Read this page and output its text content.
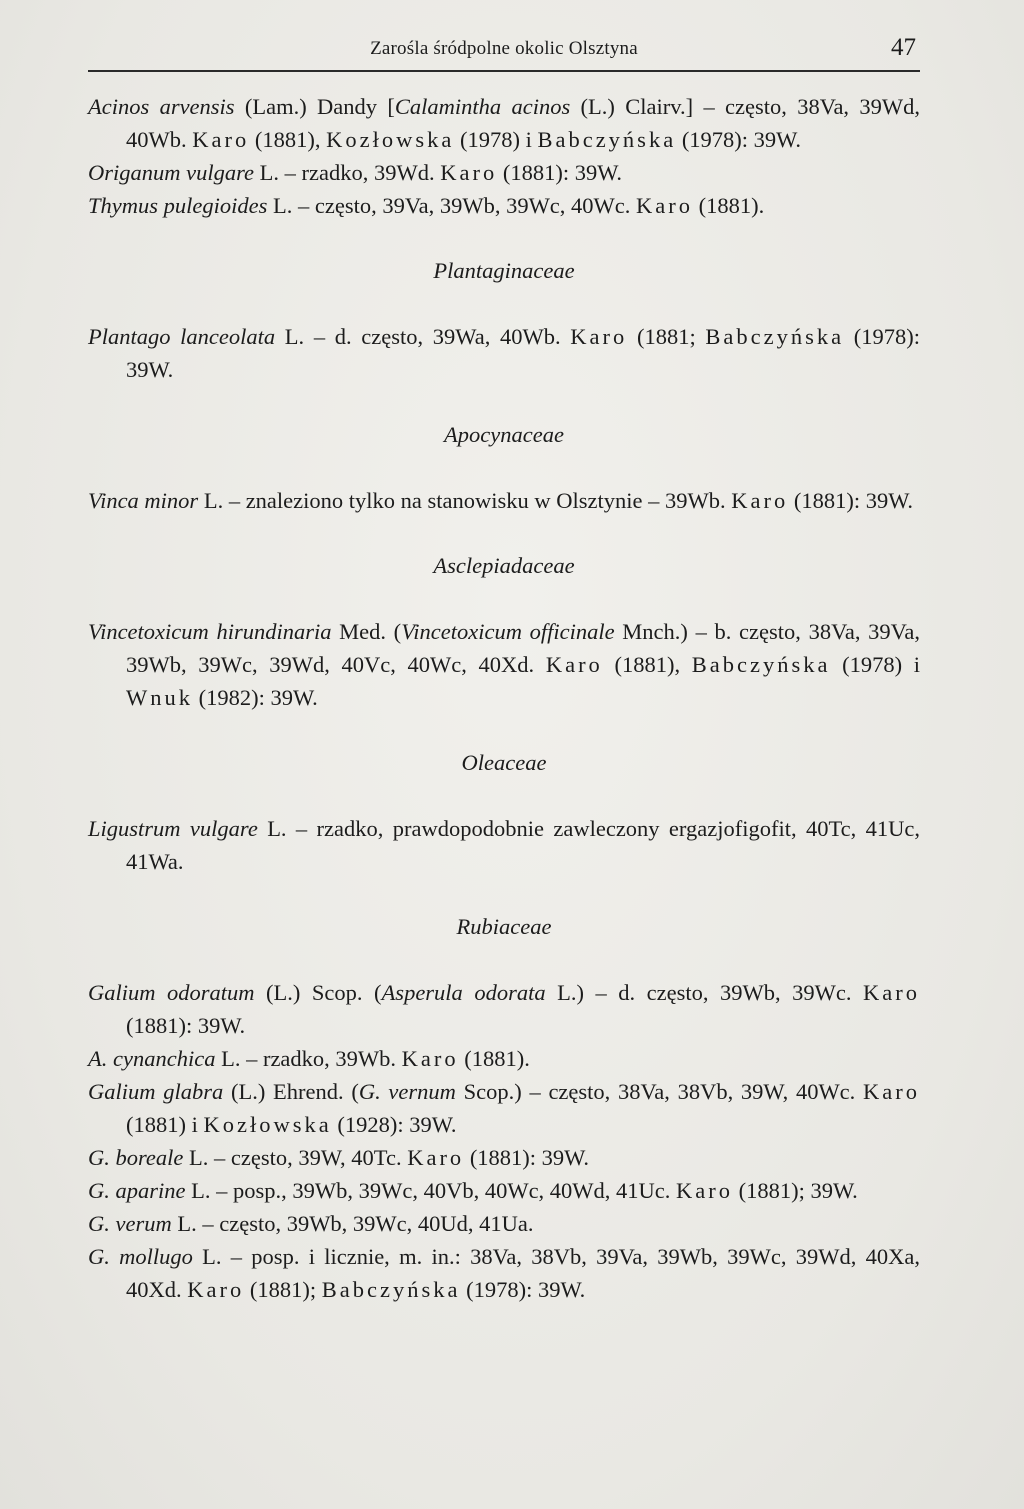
Zarośla śródpolne okolic Olsztyna	47

Acinos arvensis (Lam.) Dandy [Calamintha acinos (L.) Clairv.] – często, 38Va, 39Wd, 40Wb. Karo (1881), Kozłowska (1978) i Babczyńska (1978): 39W.

Origanum vulgare L. – rzadko, 39Wd. Karo (1881): 39W.

Thymus pulegioides L. – często, 39Va, 39Wb, 39Wc, 40Wc. Karo (1881).

Plantaginaceae

Plantago lanceolata L. – d. często, 39Wa, 40Wb. Karo (1881; Babczyńska (1978): 39W.

Apocynaceae

Vinca minor L. – znaleziono tylko na stanowisku w Olsztynie – 39Wb. Karo (1881): 39W.

Asclepiadaceae

Vincetoxicum hirundinaria Med. (Vincetoxicum officinale Mnch.) – b. często, 38Va, 39Va, 39Wb, 39Wc, 39Wd, 40Vc, 40Wc, 40Xd. Karo (1881), Babczyńska (1978) i Wnuk (1982): 39W.

Oleaceae

Ligustrum vulgare L. – rzadko, prawdopodobnie zawleczony ergazjofigofit, 40Tc, 41Uc, 41Wa.

Rubiaceae

Galium odoratum (L.) Scop. (Asperula odorata L.) – d. często, 39Wb, 39Wc. Karo (1881): 39W.

A. cynanchica L. – rzadko, 39Wb. Karo (1881).

Galium glabra (L.) Ehrend. (G. vernum Scop.) – często, 38Va, 38Vb, 39W, 40Wc. Karo (1881) i Kozłowska (1928): 39W.

G. boreale L. – często, 39W, 40Tc. Karo (1881): 39W.

G. aparine L. – posp., 39Wb, 39Wc, 40Vb, 40Wc, 40Wd, 41Uc. Karo (1881); 39W.

G. verum L. – często, 39Wb, 39Wc, 40Ud, 41Ua.

G. mollugo L. – posp. i licznie, m. in.: 38Va, 38Vb, 39Va, 39Wb, 39Wc, 39Wd, 40Xa, 40Xd. Karo (1881); Babczyńska (1978): 39W.
